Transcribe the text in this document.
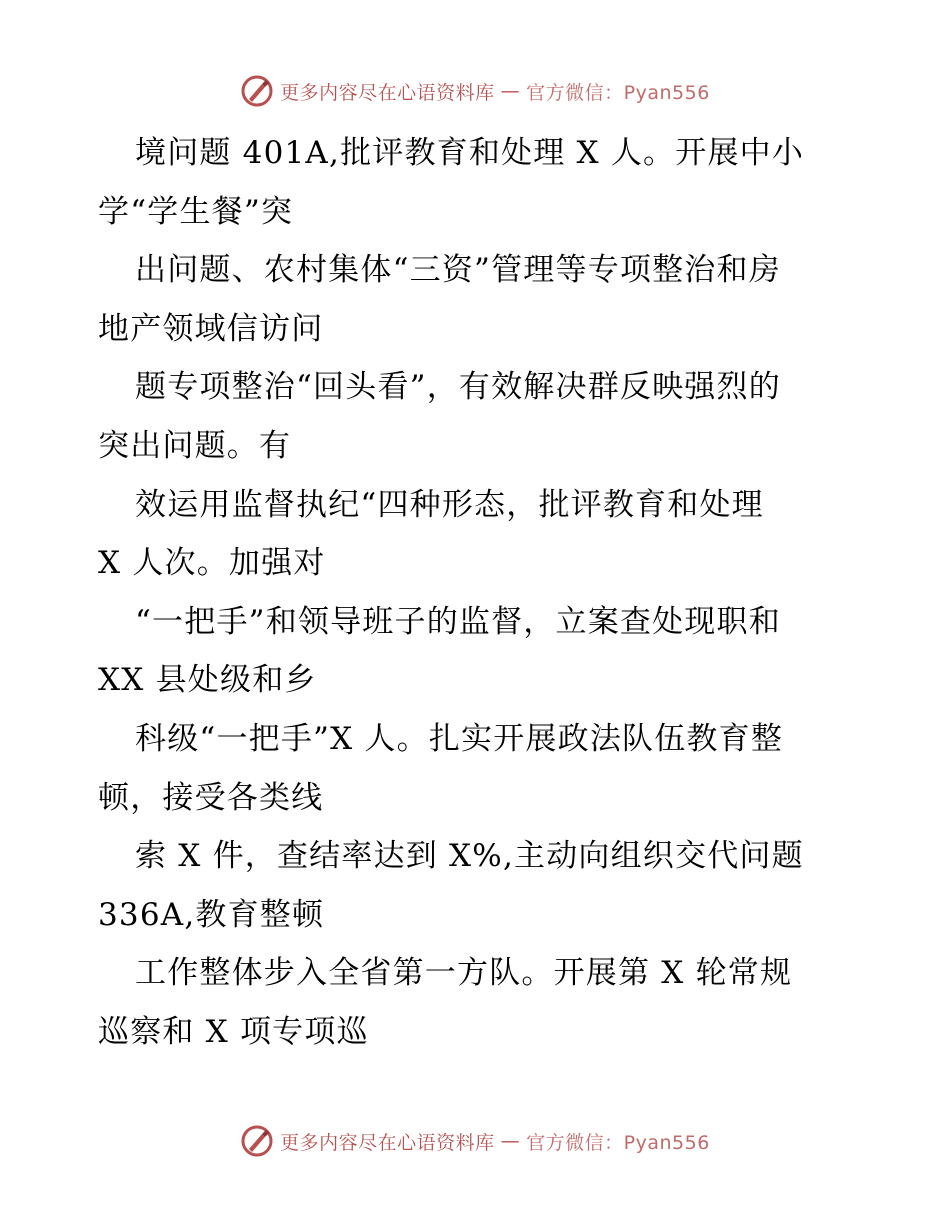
更多内容尽在心语资料库 — 官方微信：Pyan556
境问题 401A,批评教育和处理 X 人。开展中小
学“学生餐”突
出问题、农村集体“三资”管理等专项整治和房
地产领域信访问
题专项整治“回头看”，有效解决群反映强烈的
突出问题。有
效运用监督执纪“四种形态，批评教育和处理
X 人次。加强对
“一把手”和领导班子的监督，立案查处现职和
XX 县处级和乡
科级“一把手”X 人。扎实开展政法队伍教育整
顿，接受各类线
索 X 件，查结率达到 X%,主动向组织交代问题
336A,教育整顿
工作整体步入全省第一方队。开展第 X 轮常规
巡察和 X 项专项巡
更多内容尽在心语资料库 — 官方微信：Pyan556
